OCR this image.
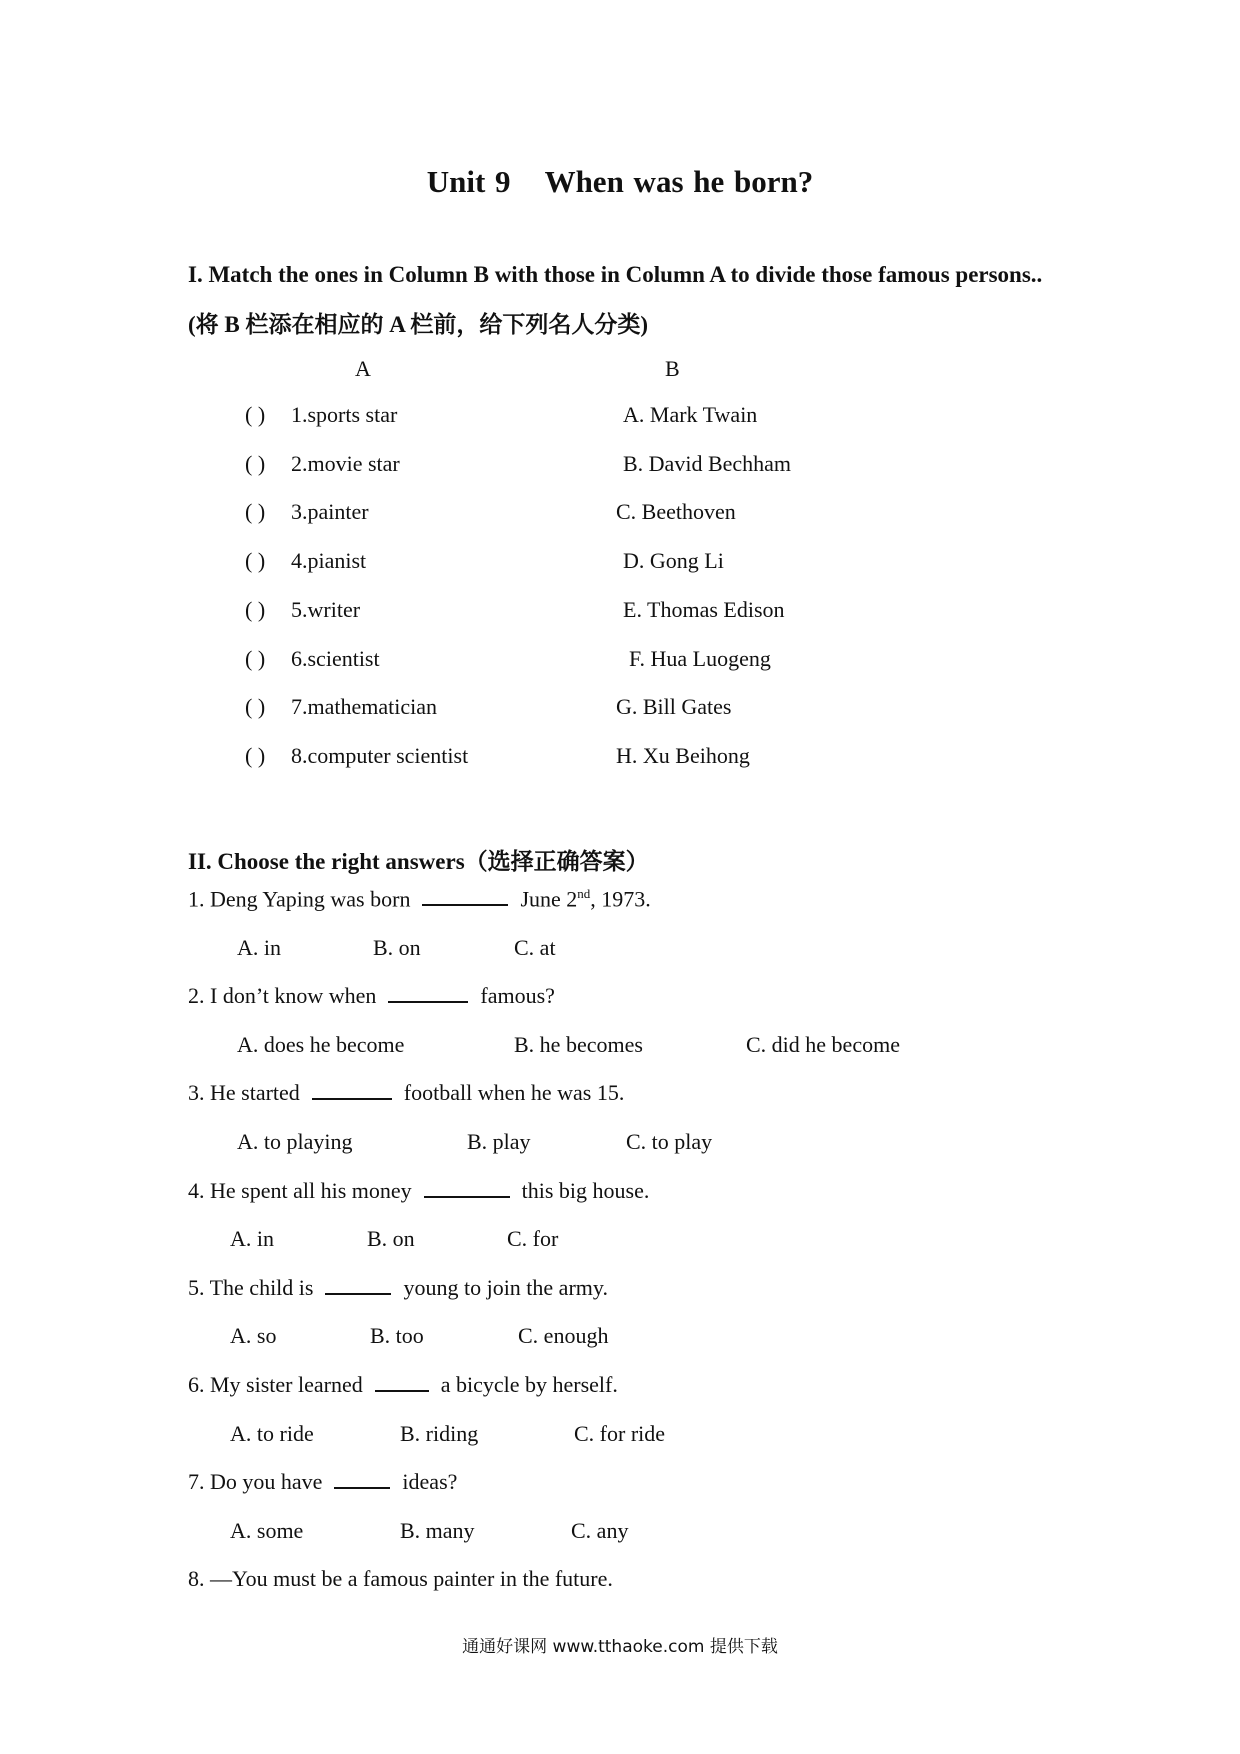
Unit 9 When was he born?
I. Match the ones in Column B with those in Column A to divide those famous persons..(将 B 栏添在相应的 A 栏前，给下列名人分类)
A	B
( ) 1.sports star	A. Mark Twain
( ) 2.movie star	B. David Bechham
( ) 3.painter	C. Beethoven
( ) 4.pianist	D. Gong Li
( ) 5.writer	E. Thomas Edison
( ) 6.scientist	F. Hua Luogeng
( ) 7.mathematician	G. Bill Gates
( ) 8.computer scientist	H. Xu Beihong
II. Choose the right answers（选择正确答案）
1. Deng Yaping was born	June 2nd, 1973.
A. in	B. on	C. at
2. I don’t know when	famous?
A. does he become	B. he becomes	C. did he become
3. He started	football when he was 15.
A. to playing	B. play	C. to play
4. He spent all his money	this big house.
A. in	B. on	C. for
5. The child is	young to join the army.
A. so	B. too	C. enough
6. My sister learned	a bicycle by herself.
A. to ride	B. riding	C. for ride
7. Do you have	ideas?
A. some	B. many	C. any
8. —You must be a famous painter in the future.
通通好课网 www.tthaoke.com 提供下载
